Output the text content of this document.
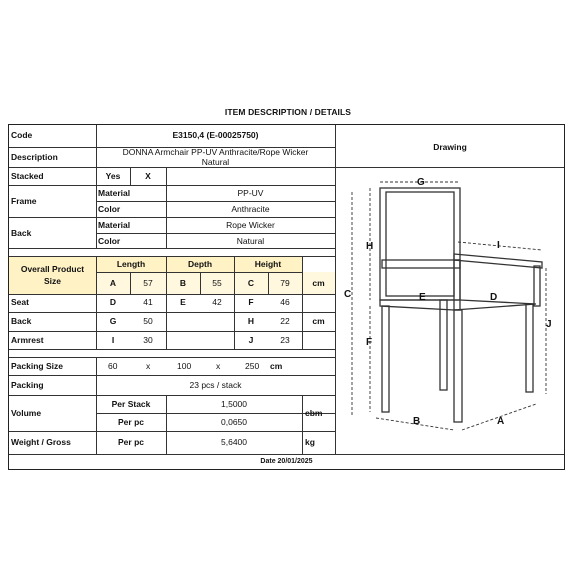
ITEM DESCRIPTION / DETAILS
Code	E3150,4 (E-00025750)
Description	DONNA Armchair PP-UV Anthracite/Rope Wicker
Natural
Stacked	Yes	X
Frame
Material	PP-UV
Color	Anthracite
Back
Material	Rope Wicker
Color	Natural
Overall Product
Size
Length	Depth	Height
A	57	B	55	C	79	cm
Seat	D	41	E	42	F	46
Back	G	50	H	22	cm
Armrest	I	30	J	23
Packing Size	60	x	100	x	250 cm
Packing	23 pcs / stack
Volume
Per Stack	1,5000
Per pc	0,0650
cbm
Weight / Gross	Per pc	5,6400	kg
Date 20/01/2025
Drawing
G
H
C	E	D
I
F
J
B	A
